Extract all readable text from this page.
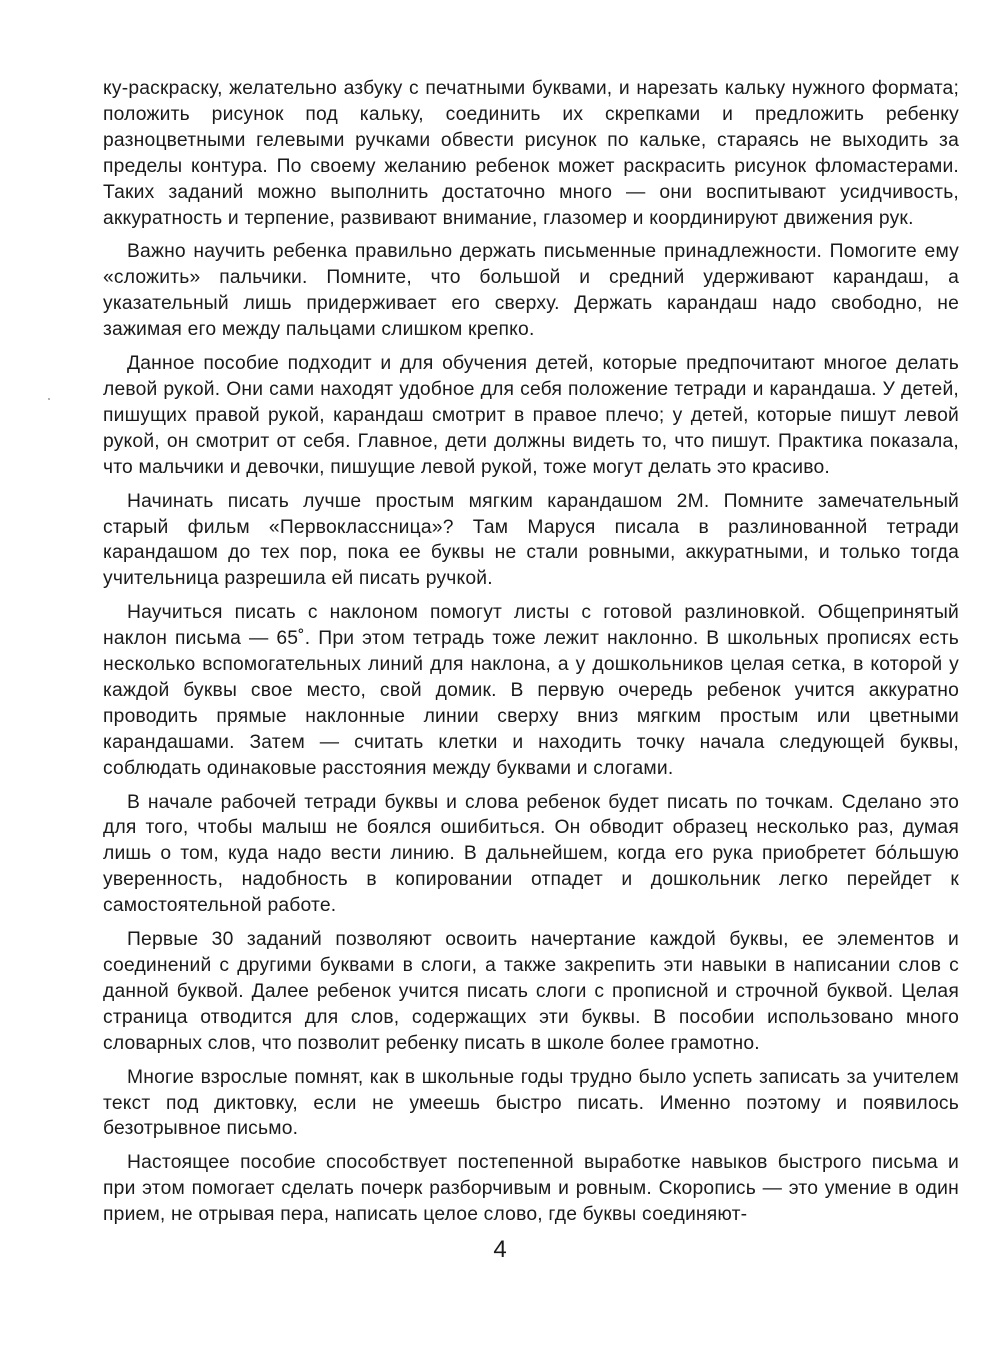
ку-раскраску, желательно азбуку с печатными буквами, и нарезать кальку нужного формата; положить рисунок под кальку, соединить их скрепками и предложить ребенку разноцветными гелевыми ручками обвести рисунок по кальке, стараясь не выходить за пределы контура. По своему желанию ребенок может раскрасить рисунок фломастерами. Таких заданий можно выполнить достаточно много — они воспитывают усидчивость, аккуратность и терпение, развивают внимание, глазомер и координируют движения рук.

Важно научить ребенка правильно держать письменные принадлежности. Помогите ему «сложить» пальчики. Помните, что большой и средний удерживают карандаш, а указательный лишь придерживает его сверху. Держать карандаш надо свободно, не зажимая его между пальцами слишком крепко.

Данное пособие подходит и для обучения детей, которые предпочитают многое делать левой рукой. Они сами находят удобное для себя положение тетради и карандаша. У детей, пишущих правой рукой, карандаш смотрит в правое плечо; у детей, которые пишут левой рукой, он смотрит от себя. Главное, дети должны видеть то, что пишут. Практика показала, что мальчики и девочки, пишущие левой рукой, тоже могут делать это красиво.

Начинать писать лучше простым мягким карандашом 2М. Помните замечательный старый фильм «Первоклассница»? Там Маруся писала в разлинованной тетради карандашом до тех пор, пока ее буквы не стали ровными, аккуратными, и только тогда учительница разрешила ей писать ручкой.

Научиться писать с наклоном помогут листы с готовой разлиновкой. Общепринятый наклон письма — 65˚. При этом тетрадь тоже лежит наклонно. В школьных прописях есть несколько вспомогательных линий для наклона, а у дошкольников целая сетка, в которой у каждой буквы свое место, свой домик. В первую очередь ребенок учится аккуратно проводить прямые наклонные линии сверху вниз мягким простым или цветными карандашами. Затем — считать клетки и находить точку начала следующей буквы, соблюдать одинаковые расстояния между буквами и слогами.

В начале рабочей тетради буквы и слова ребенок будет писать по точкам. Сделано это для того, чтобы малыш не боялся ошибиться. Он обводит образец несколько раз, думая лишь о том, куда надо вести линию. В дальнейшем, когда его рука приобретет бо́льшую уверенность, надобность в копировании отпадет и дошкольник легко перейдет к самостоятельной работе.

Первые 30 заданий позволяют освоить начертание каждой буквы, ее элементов и соединений с другими буквами в слоги, а также закрепить эти навыки в написании слов с данной буквой. Далее ребенок учится писать слоги с прописной и строчной буквой. Целая страница отводится для слов, содержащих эти буквы. В пособии использовано много словарных слов, что позволит ребенку писать в школе более грамотно.

Многие взрослые помнят, как в школьные годы трудно было успеть записать за учителем текст под диктовку, если не умеешь быстро писать. Именно поэтому и появилось безотрывное письмо.

Настоящее пособие способствует постепенной выработке навыков быстрого письма и при этом помогает сделать почерк разборчивым и ровным. Скоропись — это умение в один прием, не отрывая пера, написать целое слово, где буквы соединяют-

4
